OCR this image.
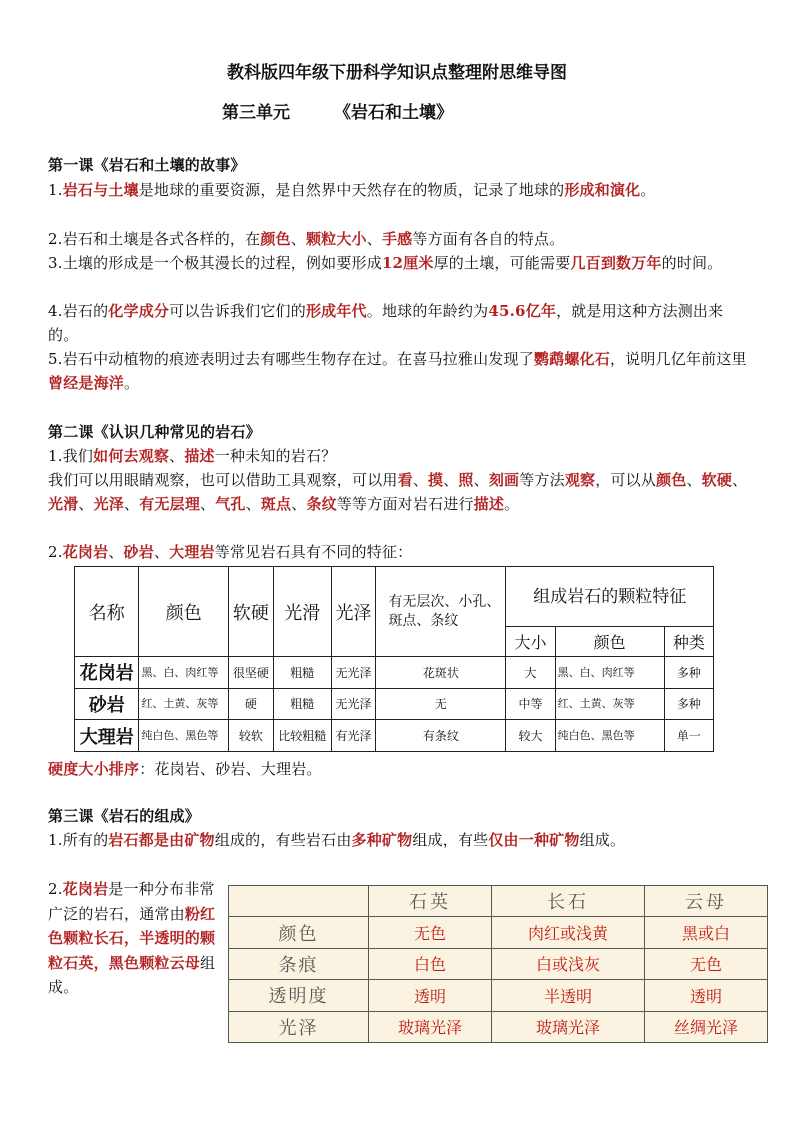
教科版四年级下册科学知识点整理附思维导图
第三单元	《岩石和土壤》
第一课《岩石和土壤的故事》
1.岩石与土壤是地球的重要资源，是自然界中天然存在的物质，记录了地球的形成和演化。
2.岩石和土壤是各式各样的，在颜色、颗粒大小、手感等方面有各自的特点。
3.土壤的形成是一个极其漫长的过程，例如要形成12厘米厚的土壤，可能需要几百到数万年的时间。
4.岩石的化学成分可以告诉我们它们的形成年代。地球的年龄约为45.6亿年，就是用这种方法测出来的。
5.岩石中动植物的痕迹表明过去有哪些生物存在过。在喜马拉雅山发现了鹦鹉螺化石，说明几亿年前这里曾经是海洋。
第二课《认识几种常见的岩石》
1.我们如何去观察、描述一种未知的岩石？
我们可以用眼睛观察，也可以借助工具观察，可以用看、摸、照、刻画等方法观察，可以从颜色、软硬、光滑、光泽、有无层理、气孔、斑点、条纹等等方面对岩石进行描述。
2.花岗岩、砂岩、大理岩等常见岩石具有不同的特征：
名称	颜色	软硬	光滑	光泽	有无层次、小孔、斑点、条纹	组成岩石的颗粒特征		
						大小	颜色	种类
花岗岩	黑、白、肉红等	很坚硬	粗糙	无光泽	花斑状	大	黑、白、肉红等	多种
砂岩	红、土黄、灰等	硬	粗糙	无光泽	无	中等	红、土黄、灰等	多种
大理岩	纯白色、黑色等	较软	比较粗糙	有光泽	有条纹	较大	纯白色、黑色等	单一
硬度大小排序：花岗岩、砂岩、大理岩。
第三课《岩石的组成》
1.所有的岩石都是由矿物组成的，有些岩石由多种矿物组成，有些仅由一种矿物组成。
2.花岗岩是一种分布非常广泛的岩石，通常由粉红色颗粒长石，半透明的颗粒石英，黑色颗粒云母组成。
	石英	长石	云母
颜色	无色	肉红或浅黄	黑或白
条痕	白色	白或浅灰	无色
透明度	透明	半透明	透明
光泽	玻璃光泽	玻璃光泽	丝绸光泽
